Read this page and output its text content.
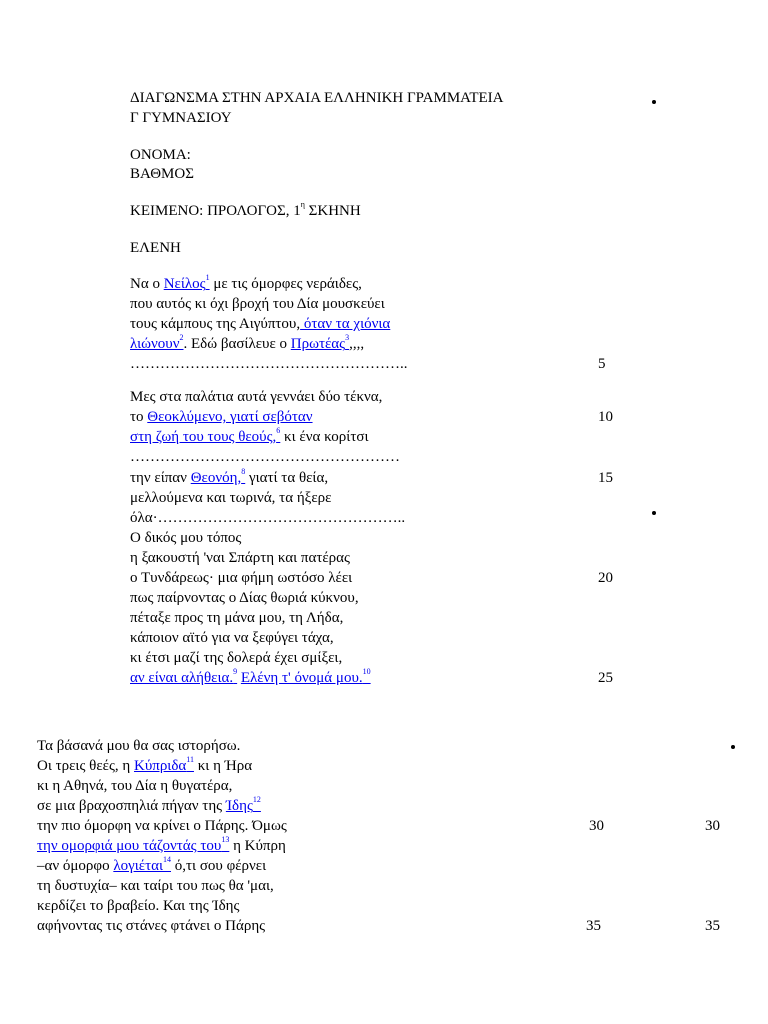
ΔΙΑΓΩΝΣΜΑ ΣΤΗΝ ΑΡΧΑΙΑ ΕΛΛΗΝΙΚΗ ΓΡΑΜΜΑΤΕΙΑ
Γ ΓΥΜΝΑΣΙΟΥ
ΟΝΟΜΑ:
ΒΑΘΜΟΣ
ΚΕΙΜΕΝΟ: ΠΡΟΛΟΓΟΣ, $1^\eta$ ΣΚΗΝΗ
ΕΛΕΝΗ
Να ο Νείλος$^1$ με τις όμορφες νεράιδες,
που αυτός κι όχι βροχή του Δία μουσκεύει
τους κάμπους της Αιγύπτου, όταν τα χιόνια
λιώνουν$^2$. Εδώ βασίλευε ο Πρωτέας$^3$,,,,
………………………………………………..	5
Μες στα παλάτια αυτά γεννάει δύο τέκνα,
το Θεοκλύμενο, γιατί σεβόταν	10
στη ζωή του τους θεούς,$^6$ κι ένα κορίτσι
………………………………………………
την είπαν Θεονόη,$^8$ γιατί τα θεία,	15
μελλούμενα και τωρινά, τα ήξερε
όλα·…………………………………………..
Ο δικός μου τόπος
η ξακουστή 'ναι Σπάρτη και πατέρας
ο Τυνδάρεως· μια φήμη ωστόσο λέει	20
πως παίρνοντας ο Δίας θωριά κύκνου,
πέταξε προς τη μάνα μου, τη Λήδα,
κάποιον αϊτό για να ξεφύγει τάχα,
κι έτσι μαζί της δολερά έχει σμίξει,
αν είναι αλήθεια.$^9$ Ελένη τ' όνομά μου.$^{10}$	25
Τα βάσανά μου θα σας ιστορήσω.
Οι τρεις θεές, η Κύπριδα$^{11}$ κι η Ήρα
κι η Αθηνά, του Δία η θυγατέρα,
σε μια βραχοσπηλιά πήγαν της Ίδης$^{12}$
την πιο όμορφη να κρίνει ο Πάρης. Όμως	30	30
την ομορφιά μου τάζοντάς του$^{13}$ η Κύπρη
–αν όμορφο λογιέται$^{14}$ ό,τι σου φέρνει
τη δυστυχία– και ταίρι του πως θα 'μαι,
κερδίζει το βραβείο. Και της Ίδης
αφήνοντας τις στάνες φτάνει ο Πάρης	35	35
